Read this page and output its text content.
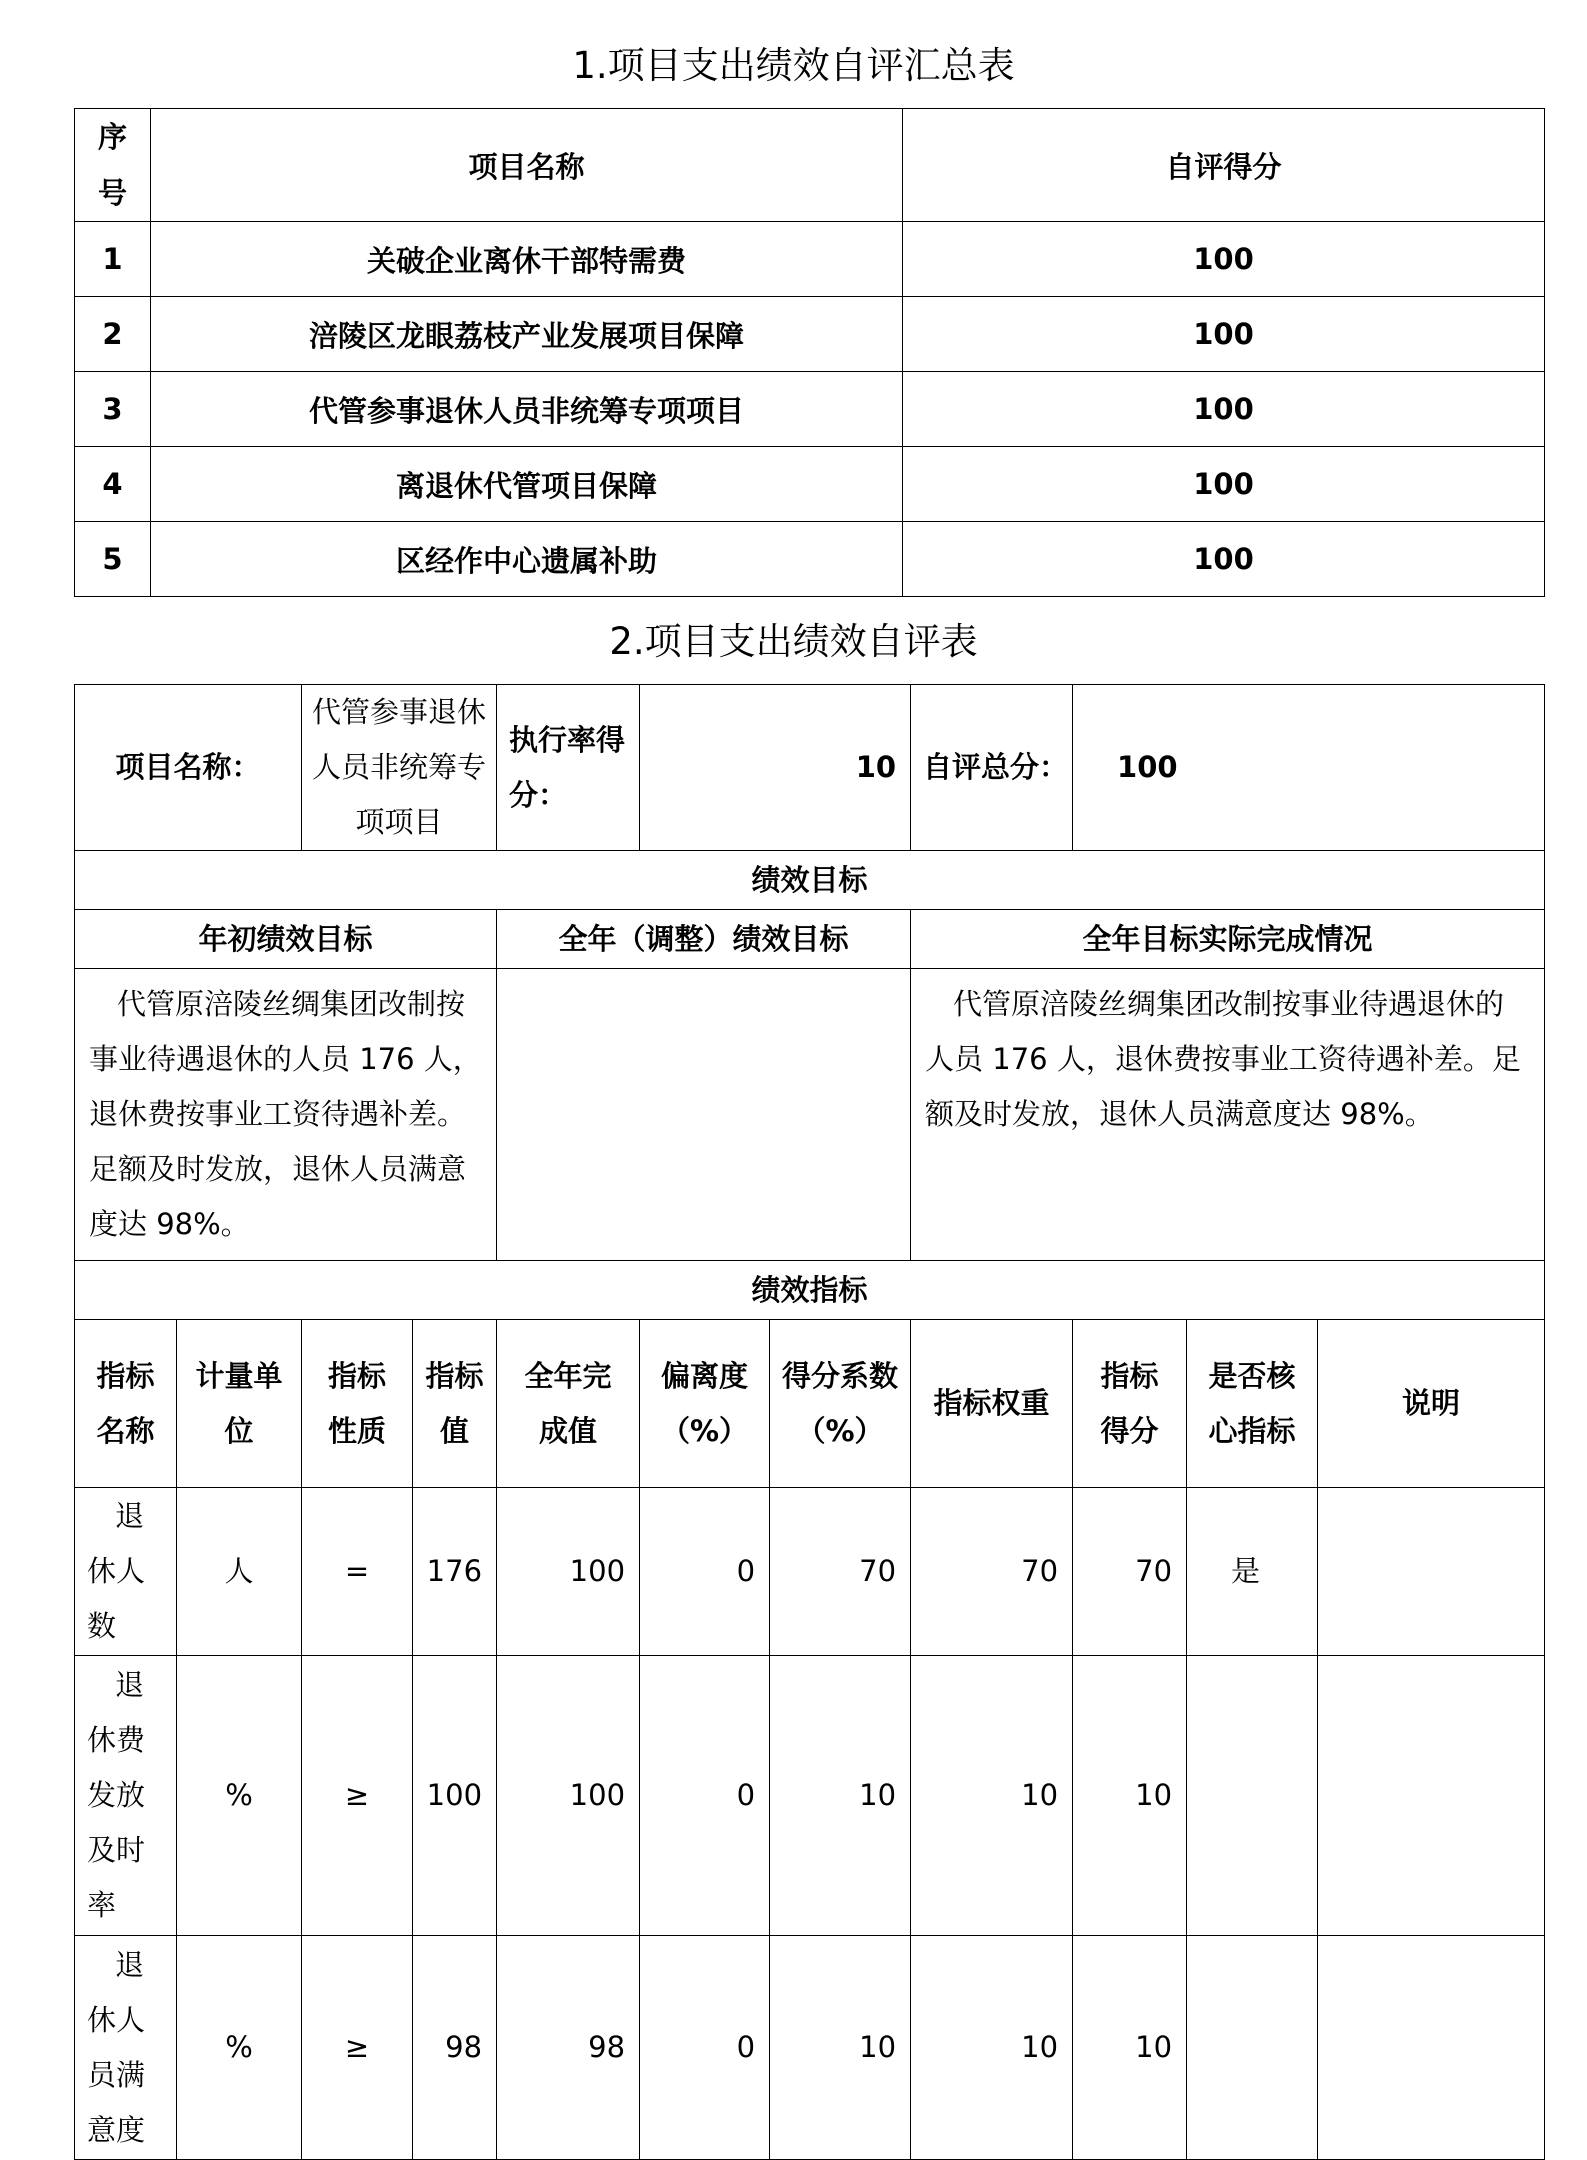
1.项目支出绩效自评汇总表
序号	项目名称	自评得分
1	关破企业离休干部特需费	100
2	涪陵区龙眼荔枝产业发展项目保障	100
3	代管参事退休人员非统筹专项项目	100
4	离退休代管项目保障	100
5	区经作中心遗属补助	100
2.项目支出绩效自评表
项目名称：		代管参事退休人员非统筹专项项目		执行率得分：	10		自评总分：	100		
绩效目标										
年初绩效目标				全年（调整）绩效目标			全年目标实际完成情况			
代管原涪陵丝绸集团改制按事业待遇退休的人员 176 人，退休费按事业工资待遇补差。足额及时发放，退休人员满意度达 98%。							代管原涪陵丝绸集团改制按事业待遇退休的人员 176 人，退休费按事业工资待遇补差。足额及时发放，退休人员满意度达 98%。			
绩效指标										
指标名称	计量单位	指标性质	指标值	全年完成值	偏离度（%）	得分系数（%）	指标权重	指标得分	是否核心指标	说明
退休人数	人	=	176	100	0	70	70	70	是	
退休费发放及时率	%	≥	100	100	0	10	10	10		
退休人员满意度	%	≥	98	98	0	10	10	10		
